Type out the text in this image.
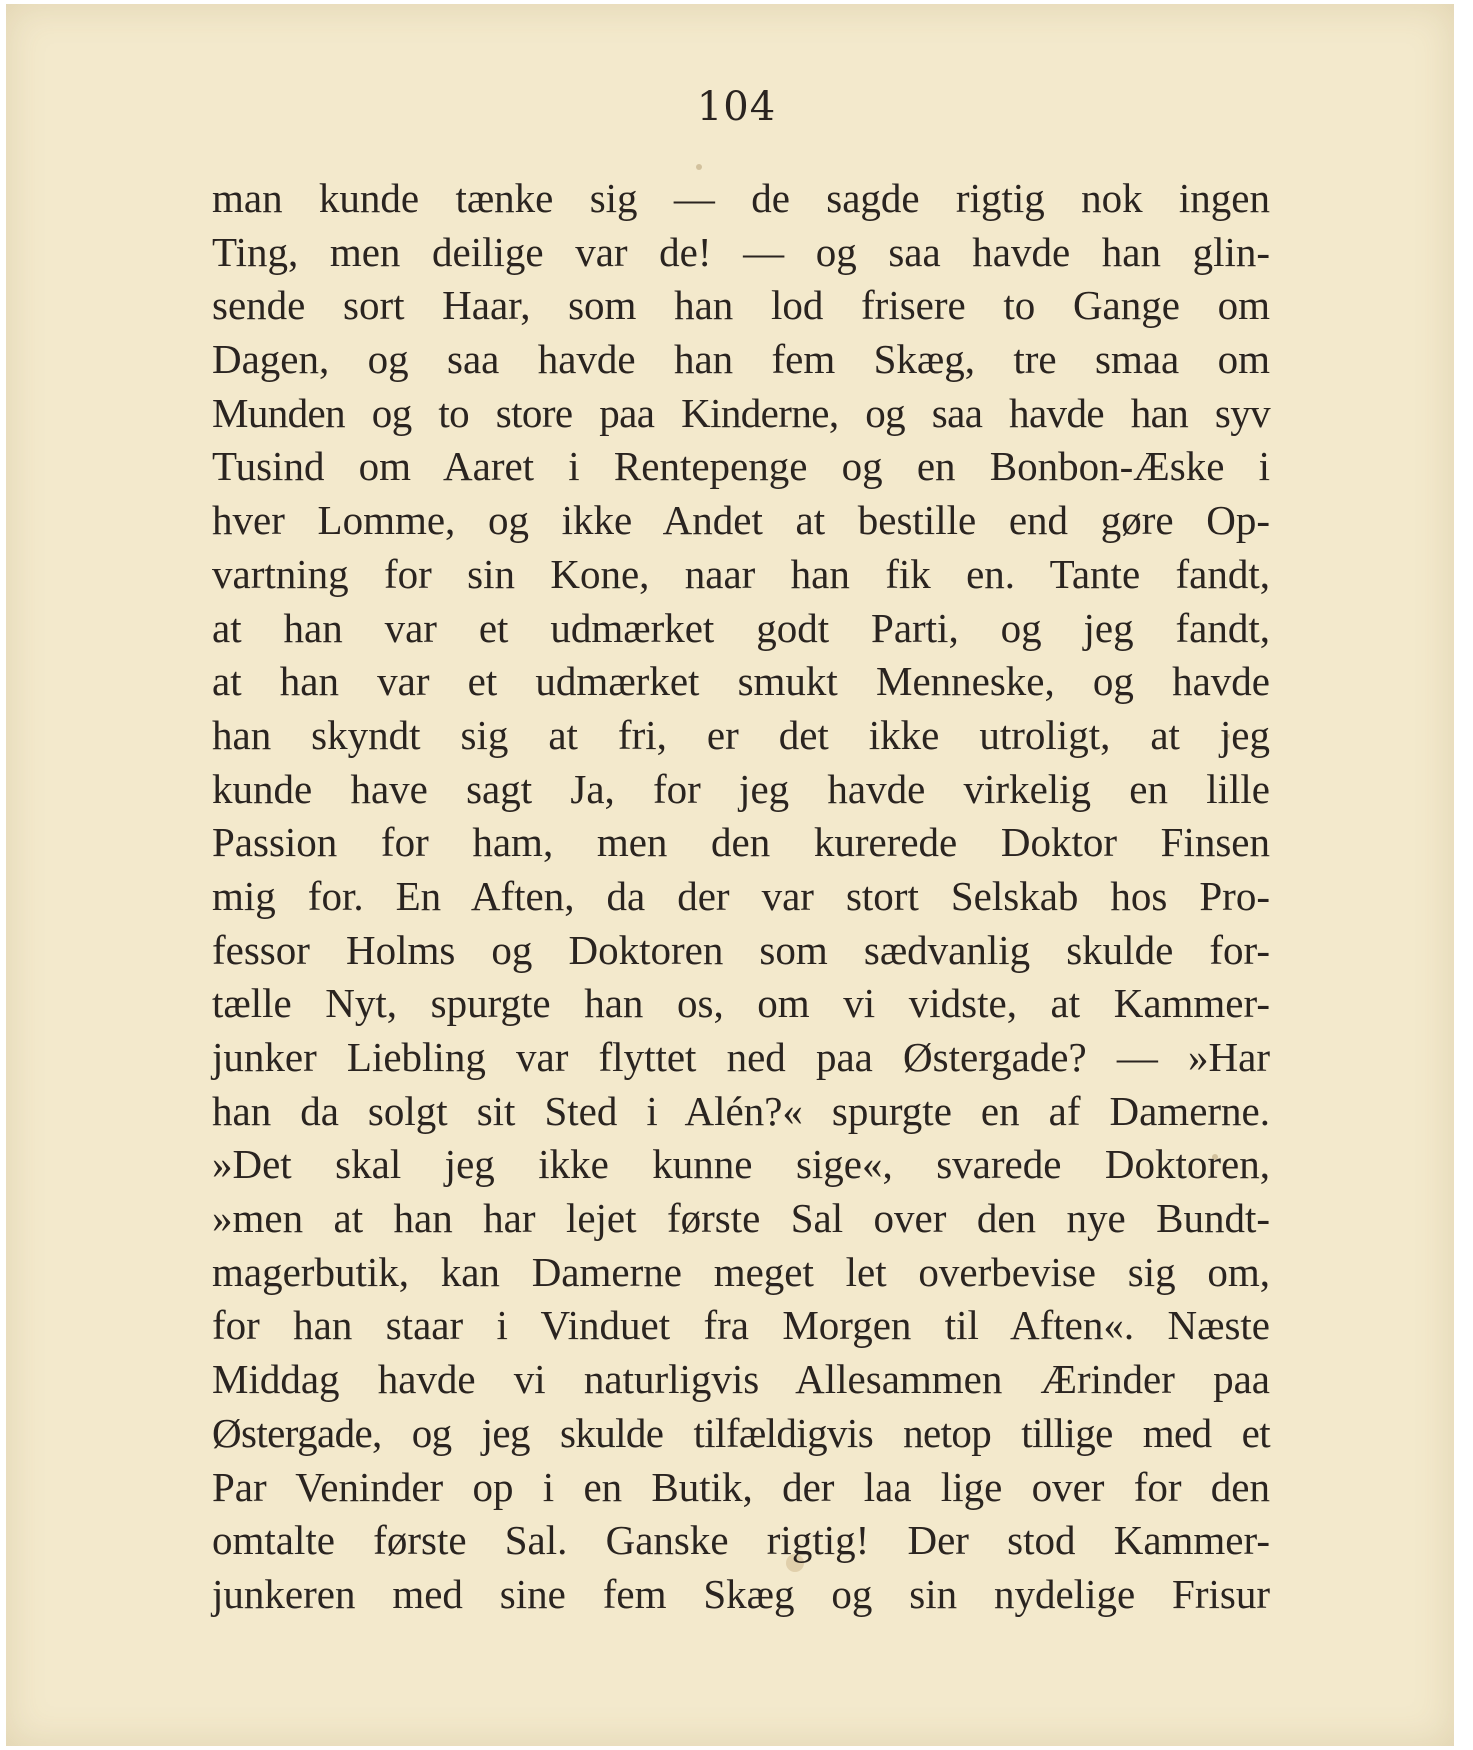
104
man kunde tænke sig — de sagde rigtig nok ingen
Ting, men deilige var de! — og saa havde han glin-
sende sort Haar, som han lod frisere to Gange om
Dagen, og saa havde han fem Skæg, tre smaa om
Munden og to store paa Kinderne, og saa havde han syv
Tusind om Aaret i Rentepenge og en Bonbon-Æske i
hver Lomme, og ikke Andet at bestille end gøre Op-
vartning for sin Kone, naar han fik en. Tante fandt,
at han var et udmærket godt Parti, og jeg fandt,
at han var et udmærket smukt Menneske, og havde
han skyndt sig at fri, er det ikke utroligt, at jeg
kunde have sagt Ja, for jeg havde virkelig en lille
Passion for ham, men den kurerede Doktor Finsen
mig for. En Aften, da der var stort Selskab hos Pro-
fessor Holms og Doktoren som sædvanlig skulde for-
tælle Nyt, spurgte han os, om vi vidste, at Kammer-
junker Liebling var flyttet ned paa Østergade? — »Har
han da solgt sit Sted i Alén?« spurgte en af Damerne.
»Det skal jeg ikke kunne sige«, svarede Doktoren,
»men at han har lejet første Sal over den nye Bundt-
magerbutik, kan Damerne meget let overbevise sig om,
for han staar i Vinduet fra Morgen til Aften«. Næste
Middag havde vi naturligvis Allesammen Ærinder paa
Østergade, og jeg skulde tilfældigvis netop tillige med et
Par Veninder op i en Butik, der laa lige over for den
omtalte første Sal. Ganske rigtig! Der stod Kammer-
junkeren med sine fem Skæg og sin nydelige Frisur
